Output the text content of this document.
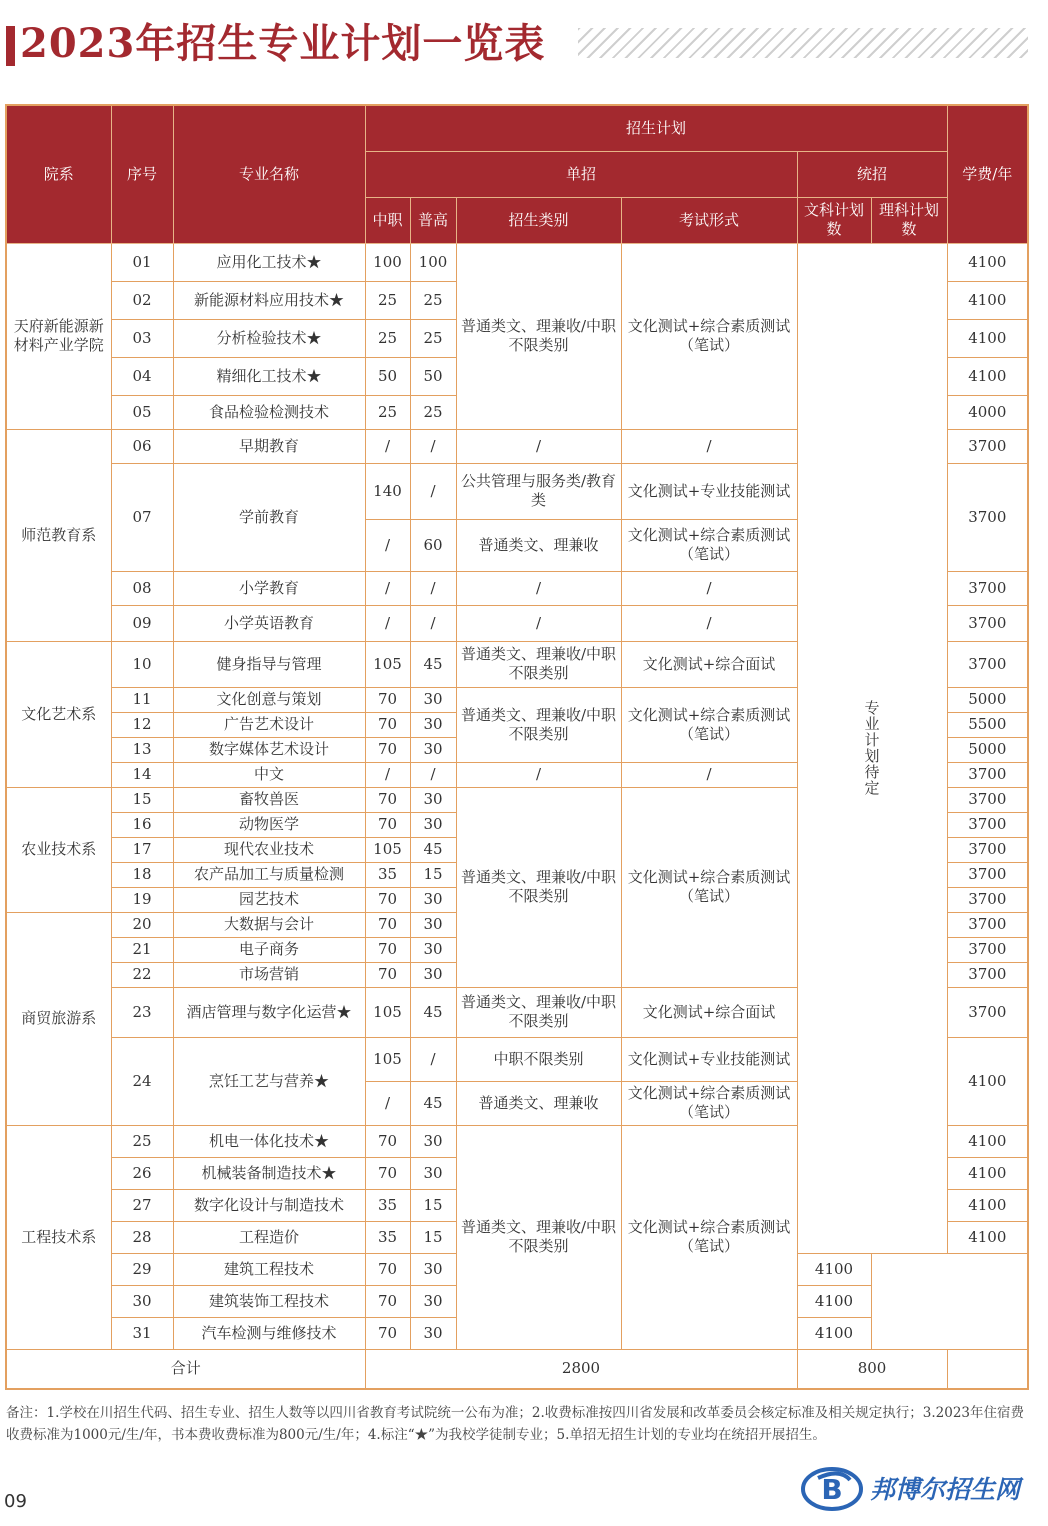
2023年招生专业计划一览表
院系	序号	专业名称	招生计划						学费/年
			单招				统招		
			中职	普高	招生类别	考试形式	文科计划数	理科计划数	
天府新能源新材料产业学院	01	应用化工技术★	100	100	普通类文、理兼收/中职不限类别	文化测试+综合素质测试（笔试）	专业计划待定		4100
	02	新能源材料应用技术★	25	25					4100
	03	分析检验技术★	25	25					4100
	04	精细化工技术★	50	50					4100
	05	食品检验检测技术	25	25					4000
师范教育系	06	早期教育	/	/	/	/			3700
	07	学前教育	140	/	公共管理与服务类/教育类	文化测试+专业技能测试			3700
			/	60	普通类文、理兼收	文化测试+综合素质测试（笔试）			
	08	小学教育	/	/	/	/			3700
	09	小学英语教育	/	/	/	/			3700

文化艺术系	10	健身指导与管理	105	45	普通类文、理兼收/中职不限类别	文化测试+综合面试			3700
	11	文化创意与策划	70	30	普通类文、理兼收/中职不限类别	文化测试+综合素质测试（笔试）			5000
	12	广告艺术设计	70	30					5500
	13	数字媒体艺术设计	70	30					5000
	14	中文	/	/	/	/			3700
农业技术系	15	畜牧兽医	70	30	普通类文、理兼收/中职不限类别	文化测试+综合素质测试（笔试）			3700
	16	动物医学	70	30					3700
	17	现代农业技术	105	45					3700
	18	农产品加工与质量检测	35	15					3700
	19	园艺技术	70	30					3700
商贸旅游系	20	大数据与会计	70	30					3700
	21	电子商务	70	30					3700
	22	市场营销	70	30					3700
	23	酒店管理与数字化运营★	105	45	普通类文、理兼收/中职不限类别	文化测试+综合面试			3700
	24	烹饪工艺与营养★	105	/	中职不限类别	文化测试+专业技能测试			4100
			/	45	普通类文、理兼收	文化测试+综合素质测试（笔试）			
工程技术系	25	机电一体化技术★	70	30	普通类文、理兼收/中职不限类别	文化测试+综合素质测试（笔试）			4100
	26	机械装备制造技术★	70	30					4100
	27	数字化设计与制造技术	35	15					4100
	28	工程造价	35	15					4100
	29	建筑工程技术	70	30			4100		
	30	建筑装饰工程技术	70	30			4100		
	31	汽车检测与维修技术	70	30			4100		
合计			2800				800		
备注：1.学校在川招生代码、招生专业、招生人数等以四川省教育考试院统一公布为准；2.收费标准按四川省发展和改革委员会核定标准及相关规定执行；3.2023年住宿费收费标准为1000元/生/年，书本费收费标准为800元/生/年；4.标注“★”为我校学徒制专业；5.单招无招生计划的专业均在统招开展招生。
09	B 邦博尔招生网
